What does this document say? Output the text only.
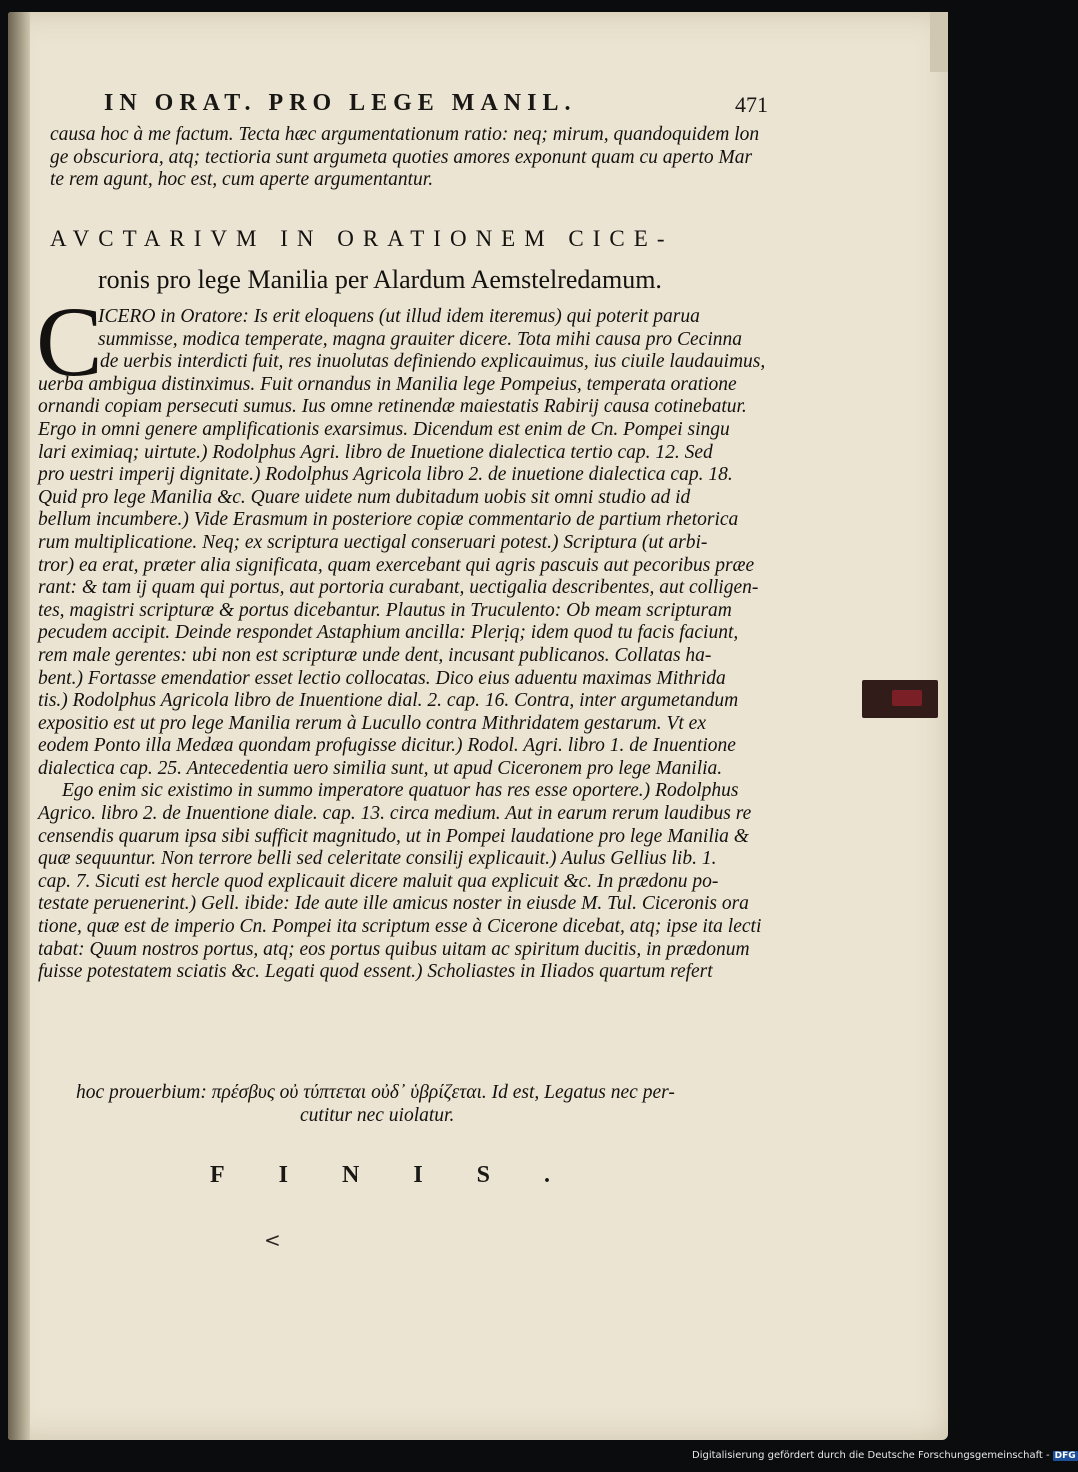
IN ORAT. PRO LEGE MANIL.	471
causa hoc à me factum. Tecta hæc argumentationum ratio: neq; mirum, quandoquidem lon
ge obscuriora, atq; tectioria sunt argumeta quoties amores exponunt quam cu aperto Mar
te rem agunt, hoc est, cum aperte argumentantur.
AVCTARIVM IN ORATIONEM CICE-
ronis pro lege Manilia per Alardum Aemstelredamum.
C
ICERO in Oratore: Is erit eloquens (ut illud idem iteremus) qui poterit parua
summisse, modica temperate, magna grauiter dicere. Tota mihi causa pro Cecinna
de uerbis interdicti fuit, res inuolutas definiendo explicauimus, ius ciuile laudauimus,
uerba ambigua distinximus. Fuit ornandus in Manilia lege Pompeius, temperata oratione
ornandi copiam persecuti sumus. Ius omne retinendæ maiestatis Rabirij causa cotinebatur.
Ergo in omni genere amplificationis exarsimus. Dicendum est enim de Cn. Pompei singu
lari eximiaq; uirtute.) Rodolphus Agri. libro de Inuetione dialectica tertio cap. 12. Sed
pro uestri imperij dignitate.) Rodolphus Agricola libro 2. de inuetione dialectica cap. 18.
Quid pro lege Manilia &c. Quare uidete num dubitadum uobis sit omni studio ad id
bellum incumbere.) Vide Erasmum in posteriore copiæ commentario de partium rhetorica
rum multiplicatione. Neq; ex scriptura uectigal conseruari potest.) Scriptura (ut arbi-
tror) ea erat, præter alia significata, quam exercebant qui agris pascuis aut pecoribus præe
rant: & tam ij quam qui portus, aut portoria curabant, uectigalia describentes, aut colligen-
tes, magistri scripturæ & portus dicebantur. Plautus in Truculento: Ob meam scripturam
pecudem accipit. Deinde respondet Astaphium ancilla: Plerịq; idem quod tu facis faciunt,
rem male gerentes: ubi non est scripturæ unde dent, incusant publicanos. Collatas ha-
bent.) Fortasse emendatior esset lectio collocatas. Dico eius aduentu maximas Mithrida
tis.) Rodolphus Agricola libro de Inuentione dial. 2. cap. 16. Contra, inter argumetandum
expositio est ut pro lege Manilia rerum à Lucullo contra Mithridatem gestarum. Vt ex
eodem Ponto illa Medæa quondam profugisse dicitur.) Rodol. Agri. libro 1. de Inuentione
dialectica cap. 25. Antecedentia uero similia sunt, ut apud Ciceronem pro lege Manilia.
Ego enim sic existimo in summo imperatore quatuor has res esse oportere.) Rodolphus
Agrico. libro 2. de Inuentione diale. cap. 13. circa medium. Aut in earum rerum laudibus re
censendis quarum ipsa sibi sufficit magnitudo, ut in Pompei laudatione pro lege Manilia &
quæ sequuntur. Non terrore belli sed celeritate consilij explicauit.) Aulus Gellius lib. 1.
cap. 7. Sicuti est hercle quod explicauit dicere maluit qua explicuit &c. In prædonu po-
testate peruenerint.) Gell. ibide: Ide aute ille amicus noster in eiusde M. Tul. Ciceronis ora
tione, quæ est de imperio Cn. Pompei ita scriptum esse à Cicerone dicebat, atq; ipse ita lecti
tabat: Quum nostros portus, atq; eos portus quibus uitam ac spiritum ducitis, in prædonum
fuisse potestatem sciatis &c. Legati quod essent.) Scholiastes in Iliados quartum refert
hoc prouerbium: πρέσβυς οὐ τύπτεται οὐδ᾽ ὑβρίζεται. Id est, Legatus nec per-
cutitur nec uiolatur.
FINIS.
<
Digitalisierung gefördert durch die Deutsche Forschungsgemeinschaft - DFG
